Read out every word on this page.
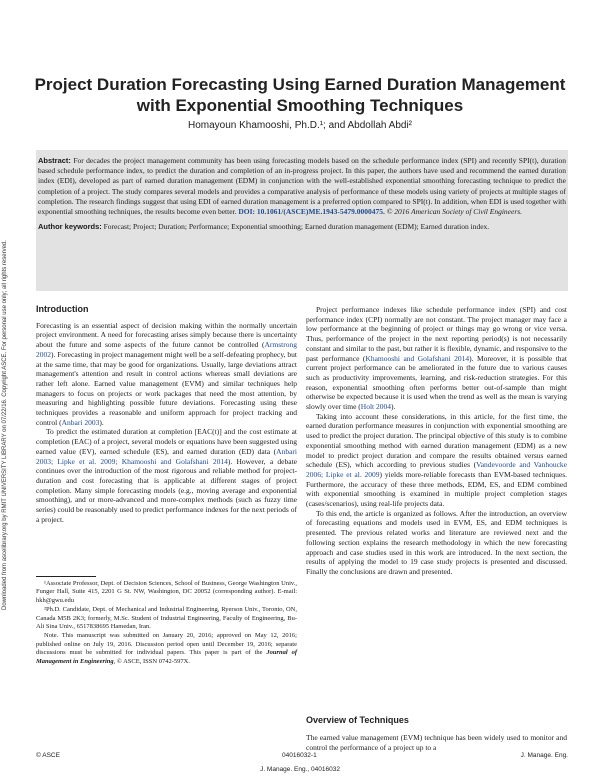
Downloaded from ascelibrary.org by RMIT UNIVERSITY LIBRARY on 07/22/16. Copyright ASCE. For personal use only; all rights reserved.
Project Duration Forecasting Using Earned Duration Management with Exponential Smoothing Techniques
Homayoun Khamooshi, Ph.D.¹; and Abdollah Abdi²

Abstract: For decades the project management community has been using forecasting models based on the schedule performance index (SPI) and recently SPI(t), duration based schedule performance index, to predict the duration and completion of an in-progress project. In this paper, the authors have used and recommend the earned duration index (EDI), developed as part of earned duration management (EDM) in conjunction with the well-established exponential smoothing forecasting technique to predict the completion of a project. The study compares several models and provides a comparative analysis of performance of these models using variety of projects at multiple stages of completion. The research findings suggest that using EDI of earned duration management is a preferred option compared to SPI(t). In addition, when EDI is used together with exponential smoothing techniques, the results become even better. DOI: 10.1061/(ASCE)ME.1943-5479.0000475. © 2016 American Society of Civil Engineers.

Author keywords: Forecast; Project; Duration; Performance; Exponential smoothing; Earned duration management (EDM); Earned duration index.

Introduction

Forecasting is an essential aspect of decision making within the normally uncertain project environment. A need for forecasting arises simply because there is uncertainty about the future and some aspects of the future cannot be controlled (Armstrong 2002). Forecasting in project management might well be a self-defeating prophecy, but at the same time, that may be good for organizations. Usually, large deviations attract management's attention and result in control actions whereas small deviations are rather left alone. Earned value management (EVM) and similar techniques help managers to focus on projects or work packages that need the most attention, by measuring and highlighting possible future deviations. Forecasting using these techniques provides a reasonable and uniform approach for project tracking and control (Anbari 2003).

To predict the estimated duration at completion [EAC(t)] and the cost estimate at completion (EAC) of a project, several models or equations have been suggested using earned value (EV), earned schedule (ES), and earned duration (ED) data (Anbari 2003; Lipke et al. 2009; Khamooshi and Golafshani 2014). However, a debate continues over the introduction of the most rigorous and reliable method for project-duration and cost forecasting that is applicable at different stages of project completion. Many simple forecasting models (e.g., moving average and exponential smoothing), and or more-advanced and more-complex methods (such as fuzzy time series) could be reasonably used to predict performance indexes for the next periods of a project.

¹Associate Professor, Dept. of Decision Sciences, School of Business, George Washington Univ., Funger Hall, Suite 415, 2201 G St. NW, Washington, DC 20052 (corresponding author). E-mail: hkh@gwu.edu

²Ph.D. Candidate, Dept. of Mechanical and Industrial Engineering, Ryerson Univ., Toronto, ON, Canada M5B 2K3; formerly, M.Sc. Student of Industrial Engineering, Faculty of Engineering, Bu-Ali Sina Univ., 6517838695 Hamedan, Iran.

Note. This manuscript was submitted on January 20, 2016; approved on May 12, 2016; published online on July 19, 2016. Discussion period open until December 19, 2016; separate discussions must be submitted for individual papers. This paper is part of the Journal of Management in Engineering, © ASCE, ISSN 0742-597X.

Project performance indexes like schedule performance index (SPI) and cost performance index (CPI) normally are not constant. The project manager may face a low performance at the beginning of project or things may go wrong or vice versa. Thus, performance of the project in the next reporting period(s) is not necessarily constant and similar to the past, but rather it is flexible, dynamic, and responsive to the past performance (Khamooshi and Golafshani 2014). Moreover, it is possible that current project performance can be ameliorated in the future due to various causes such as productivity improvements, learning, and risk-reduction strategies. For this reason, exponential smoothing often performs better out-of-sample than might otherwise be expected because it is used when the trend as well as the mean is varying slowly over time (Holt 2004).

Taking into account these considerations, in this article, for the first time, the earned duration performance measures in conjunction with exponential smoothing are used to predict the project duration. The principal objective of this study is to combine exponential smoothing method with earned duration management (EDM) as a new model to predict project duration and compare the results obtained versus earned schedule (ES), which according to previous studies (Vandevoorde and Vanhoucke 2006; Lipke et al. 2009) yields more-reliable forecasts than EVM-based techniques. Furthermore, the accuracy of these three methods, EDM, ES, and EDM combined with exponential smoothing is examined in multiple project completion stages (cases/scenarios), using real-life projects data.

To this end, the article is organized as follows. After the introduction, an overview of forecasting equations and models used in EVM, ES, and EDM techniques is presented. The previous related works and literature are reviewed next and the following section explains the research methodology in which the new forecasting approach and case studies used in this work are introduced. In the next section, the results of applying the model to 19 case study projects is presented and discussed. Finally the conclusions are drawn and presented.

Overview of Techniques

The earned value management (EVM) technique has been widely used to monitor and control the performance of a project up to a

© ASCE	04016032-1	J. Manage. Eng.
J. Manage. Eng., 04016032
